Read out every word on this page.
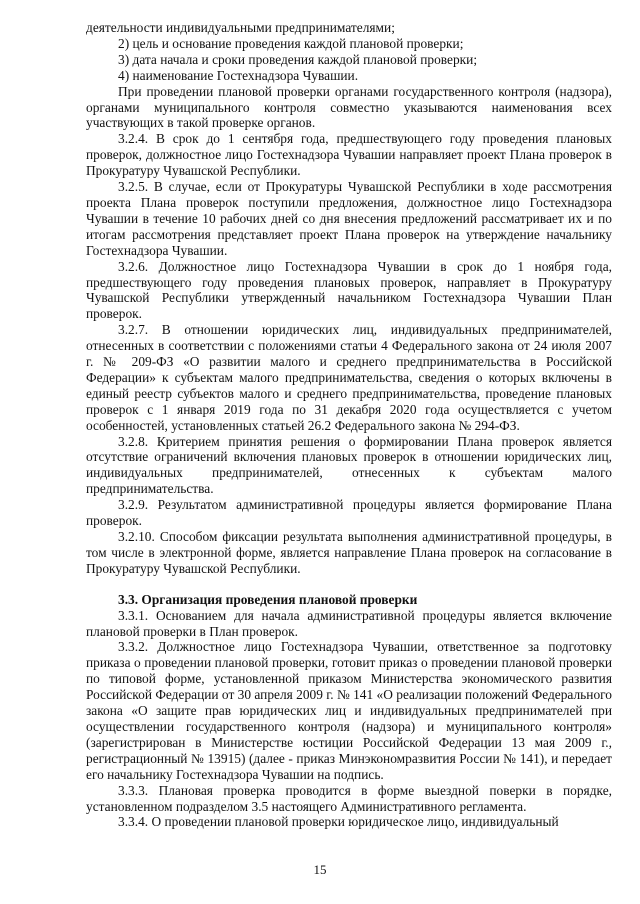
деятельности индивидуальными предпринимателями;

2) цель и основание проведения каждой плановой проверки;

3) дата начала и сроки проведения каждой плановой проверки;

4) наименование Гостехнадзора Чувашии.

При проведении плановой проверки органами государственного контроля (надзора), органами муниципального контроля совместно указываются наименования всех участвующих в такой проверке органов.

3.2.4. В срок до 1 сентября года, предшествующего году проведения плановых проверок, должностное лицо Гостехнадзора Чувашии направляет проект Плана проверок в Прокуратуру Чувашской Республики.

3.2.5. В случае, если от Прокуратуры Чувашской Республики в ходе рассмотрения проекта Плана проверок поступили предложения, должностное лицо Гостехнадзора Чувашии в течение 10 рабочих дней со дня внесения предложений рассматривает их и по итогам рассмотрения представляет проект Плана проверок на утверждение начальнику Гостехнадзора Чувашии.

3.2.6. Должностное лицо Гостехнадзора Чувашии в срок до 1 ноября года, предшествующего году проведения плановых проверок, направляет в Прокуратуру Чувашской Республики утвержденный начальником Гостехнадзора Чувашии План проверок.

3.2.7. В отношении юридических лиц, индивидуальных предпринимателей, отнесенных в соответствии с положениями статьи 4 Федерального закона от 24 июля 2007 г. № 209-ФЗ «О развитии малого и среднего предпринимательства в Российской Федерации» к субъектам малого предпринимательства, сведения о которых включены в единый реестр субъектов малого и среднего предпринимательства, проведение плановых проверок с 1 января 2019 года по 31 декабря 2020 года осуществляется с учетом особенностей, установленных статьей 26.2 Федерального закона № 294-ФЗ.

3.2.8. Критерием принятия решения о формировании Плана проверок является отсутствие ограничений включения плановых проверок в отношении юридических лиц, индивидуальных предпринимателей, отнесенных к субъектам малого предпринимательства.

3.2.9. Результатом административной процедуры является формирование Плана проверок.

3.2.10. Способом фиксации результата выполнения административной процедуры, в том числе в электронной форме, является направление Плана проверок на согласование в Прокуратуру Чувашской Республики.

3.3. Организация проведения плановой проверки

3.3.1. Основанием для начала административной процедуры является включение плановой проверки в План проверок.

3.3.2. Должностное лицо Гостехнадзора Чувашии, ответственное за подготовку приказа о проведении плановой проверки, готовит приказ о проведении плановой проверки по типовой форме, установленной приказом Министерства экономического развития Российской Федерации от 30 апреля 2009 г. № 141 «О реализации положений Федерального закона «О защите прав юридических лиц и индивидуальных предпринимателей при осуществлении государственного контроля (надзора) и муниципального контроля» (зарегистрирован в Министерстве юстиции Российской Федерации 13 мая 2009 г., регистрационный № 13915) (далее - приказ Минэкономразвития России № 141), и передает его начальнику Гостехнадзора Чувашии на подпись.

3.3.3. Плановая проверка проводится в форме выездной поверки в порядке, установленном подразделом 3.5 настоящего Административного регламента.

3.3.4. О проведении плановой проверки юридическое лицо, индивидуальный

15
